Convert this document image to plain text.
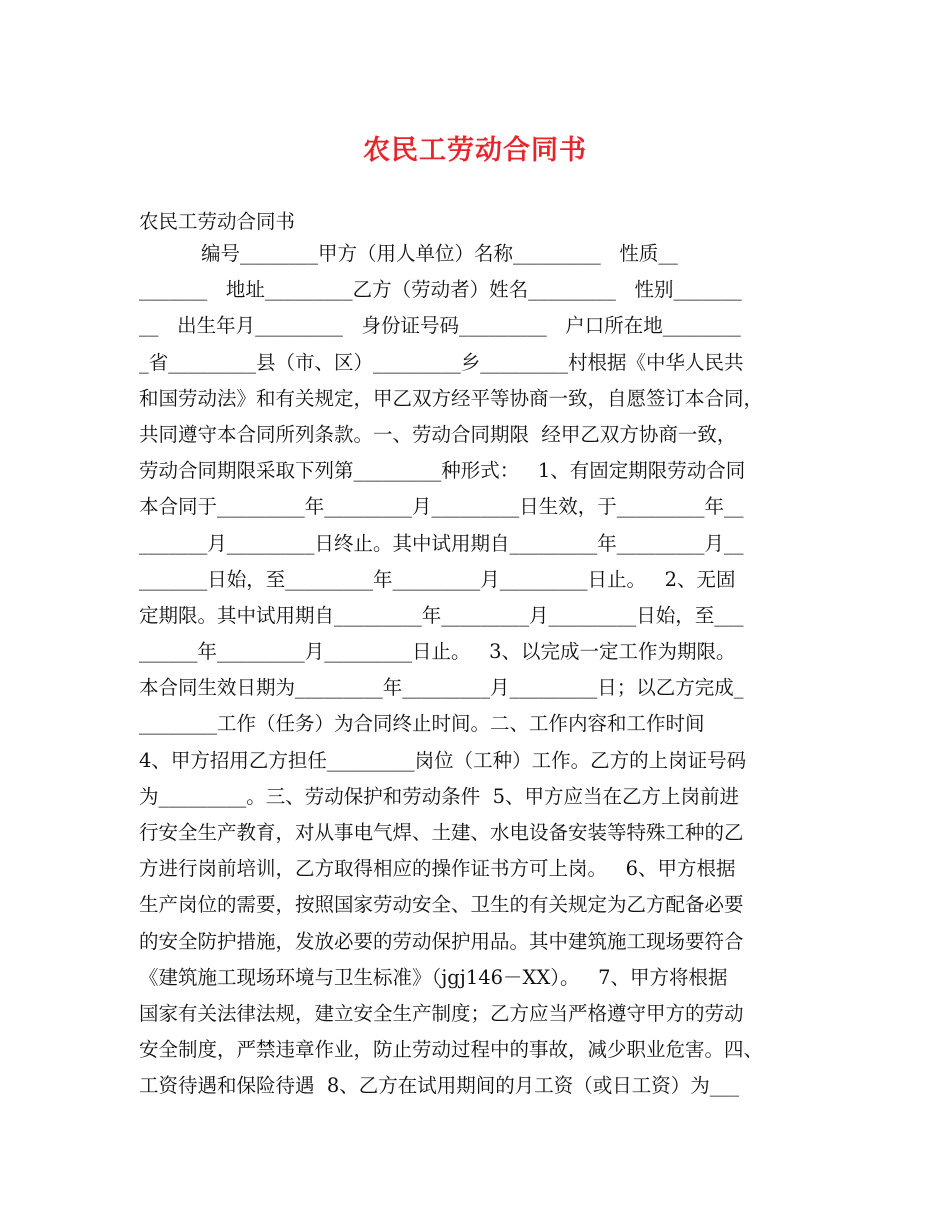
农民工劳动合同书
农民工劳动合同书
编号________甲方（用人单位）名称_________   性质__
_______   地址_________乙方（劳动者）姓名_________   性别_______
__   出生年月_________   身份证号码_________   户口所在地________
_省_________县（市、区）_________乡_________村根据《中华人民共
和国劳动法》和有关规定，甲乙双方经平等协商一致，自愿签订本合同，
共同遵守本合同所列条款。一、劳动合同期限  经甲乙双方协商一致，
劳动合同期限采取下列第_________种形式：   1、有固定期限劳动合同
本合同于_________年_________月_________日生效，于_________年__
_______月_________日终止。其中试用期自_________年_________月__
_______日始，至_________年_________月_________日止。   2、无固
定期限。其中试用期自_________年_________月_________日始，至___
______年_________月_________日止。   3、以完成一定工作为期限。
本合同生效日期为_________年_________月_________日；以乙方完成_
________工作（任务）为合同终止时间。二、工作内容和工作时间
4、甲方招用乙方担任_________岗位（工种）工作。乙方的上岗证号码
为_________。三、劳动保护和劳动条件  5、甲方应当在乙方上岗前进
行安全生产教育，对从事电气焊、土建、水电设备安装等特殊工种的乙
方进行岗前培训，乙方取得相应的操作证书方可上岗。   6、甲方根据
生产岗位的需要，按照国家劳动安全、卫生的有关规定为乙方配备必要
的安全防护措施，发放必要的劳动保护用品。其中建筑施工现场要符合
《建筑施工现场环境与卫生标准》（jgj146－XX）。   7、甲方将根据
国家有关法律法规，建立安全生产制度；乙方应当严格遵守甲方的劳动
安全制度，严禁违章作业，防止劳动过程中的事故，减少职业危害。四、
工资待遇和保险待遇  8、乙方在试用期间的月工资（或日工资）为___
